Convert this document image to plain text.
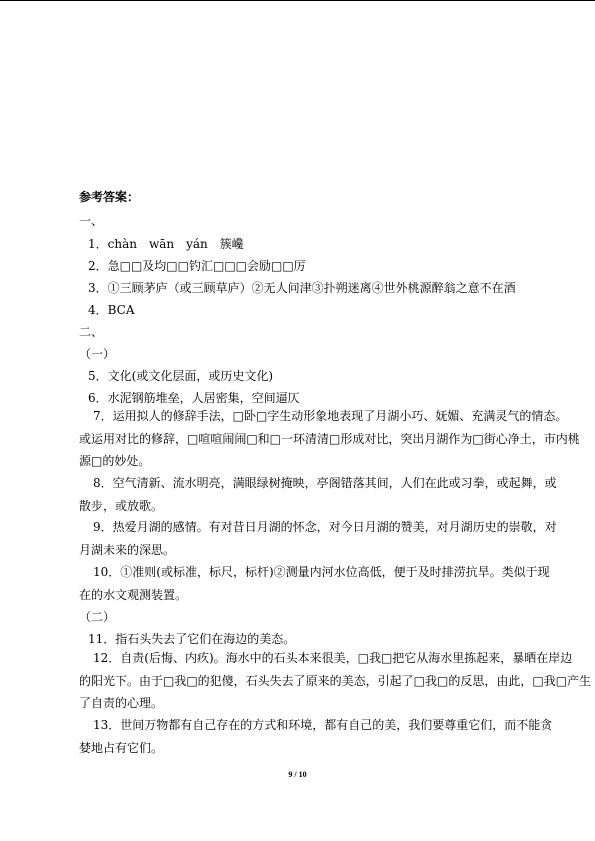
参考答案：
一、
1．chàn　wān　yán　簇巉
2．急□□及均□□钓汇□□□会励□□厉
3．①三顾茅庐（或三顾草庐）②无人问津③扑朔迷离④世外桃源醉翁之意不在酒
4．BCA
二、
（一）
5．文化(或文化层面，或历史文化)
6．水泥钢筋堆垒，人居密集，空间逼仄
7．运用拟人的修辞手法，□卧□字生动形象地表现了月湖小巧、妩媚、充满灵气的情态。
或运用对比的修辞，□喧喧闹闹□和□一环清清□形成对比，突出月湖作为□街心净土，市内桃
源□的妙处。
8．空气清新、流水明亮，满眼绿树掩映，亭阁错落其间，人们在此或习拳，或起舞，或
散步，或放歌。
9．热爱月湖的感情。有对昔日月湖的怀念，对今日月湖的赞美，对月湖历史的崇敬，对
月湖未来的深思。
10．①准则(或标准，标尺，标杆)②测量内河水位高低，便于及时排涝抗旱。类似于现
在的水文观测装置。
（二）
11．指石头失去了它们在海边的美态。
12．自责(后悔、内疚)。海水中的石头本来很美，□我□把它从海水里拣起来，暴晒在岸边
的阳光下。由于□我□的犯傻，石头失去了原来的美态，引起了□我□的反思，由此，□我□产生
了自责的心理。
13．世间万物都有自己存在的方式和环境，都有自己的美，我们要尊重它们，而不能贪
婪地占有它们。
9 / 10
